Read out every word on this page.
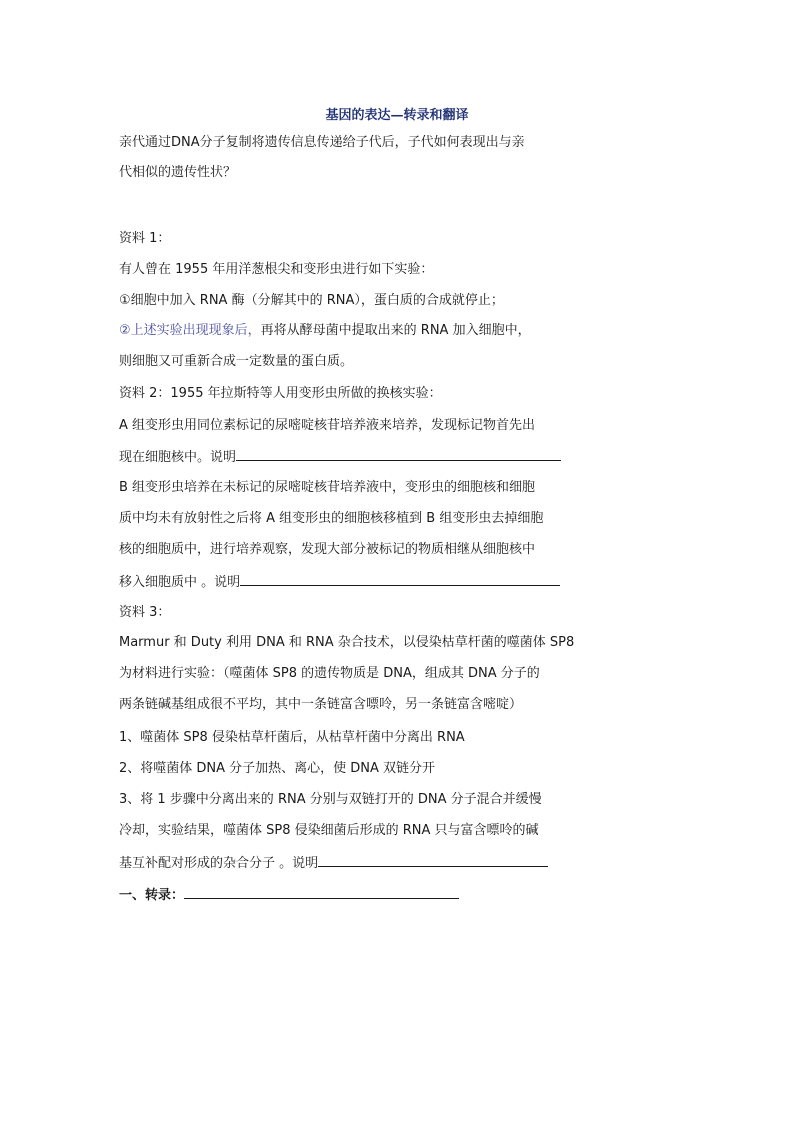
基因的表达—转录和翻译
亲代通过DNA分子复制将遗传信息传递给子代后，子代如何表现出与亲
代相似的遗传性状？
资料 1：
有人曾在 1955 年用洋葱根尖和变形虫进行如下实验：
①细胞中加入 RNA 酶（分解其中的 RNA），蛋白质的合成就停止；
②上述实验出现现象后，再将从酵母菌中提取出来的 RNA 加入细胞中，
则细胞又可重新合成一定数量的蛋白质。
资料 2：1955 年拉斯特等人用变形虫所做的换核实验：
A 组变形虫用同位素标记的尿嘧啶核苷培养液来培养，发现标记物首先出
现在细胞核中。说明
B 组变形虫培养在未标记的尿嘧啶核苷培养液中，变形虫的细胞核和细胞
质中均未有放射性之后将 A 组变形虫的细胞核移植到 B 组变形虫去掉细胞
核的细胞质中，进行培养观察，发现大部分被标记的物质相继从细胞核中
移入细胞质中 。说明
资料 3：
Marmur 和 Duty 利用 DNA 和 RNA 杂合技术，以侵染枯草杆菌的噬菌体 SP8
为材料进行实验：（噬菌体 SP8 的遗传物质是 DNA，组成其 DNA 分子的
两条链碱基组成很不平均，其中一条链富含嘌呤，另一条链富含嘧啶）
1、噬菌体 SP8 侵染枯草杆菌后，从枯草杆菌中分离出 RNA
2、将噬菌体 DNA 分子加热、离心，使 DNA 双链分开
3、将 1 步骤中分离出来的 RNA 分别与双链打开的 DNA 分子混合并缓慢
冷却，实验结果，噬菌体 SP8 侵染细菌后形成的 RNA 只与富含嘌呤的碱
基互补配对形成的杂合分子 。说明
一、转录：
